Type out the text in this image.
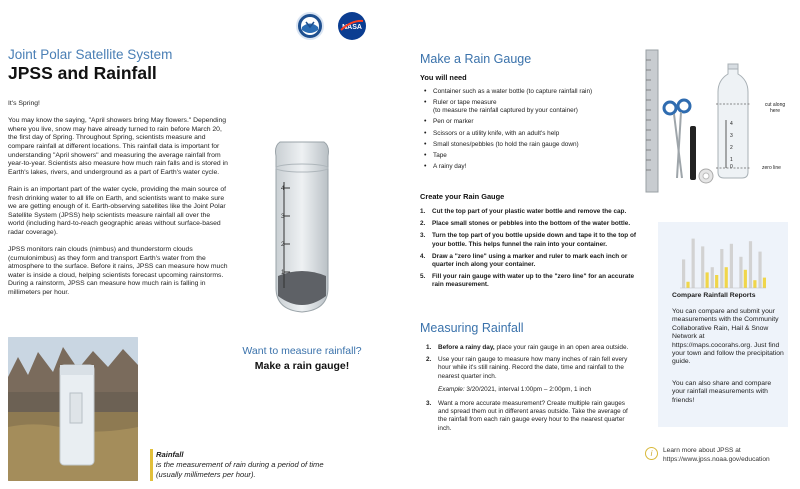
NASA
Joint Polar Satellite System
JPSS and Rainfall

It's Spring!

You may know the saying, "April showers bring May flowers." Depending where you live, snow may have already turned to rain before March 20, the first day of Spring. Throughout Spring, scientists measure and compare rainfall at different locations. This rainfall data is important for understanding "April showers" and measuring the average rainfall from year-to-year. Scientists also measure how much rain falls and is stored in Earth's lakes, rivers, and underground as a part of Earth's water cycle.

Rain is an important part of the water cycle, providing the main source of fresh drinking water to all life on Earth, and scientists want to make sure we are getting enough of it. Earth-observing satellites like the Joint Polar Satellite System (JPSS) help scientists measure rainfall all over the world (including hard-to-reach geographic areas without surface-based radar coverage).

JPSS monitors rain clouds (nimbus) and thunderstorm clouds (cumulonimbus) as they form and transport Earth's water from the atmosphere to the surface. Before it rains, JPSS can measure how much water is inside a cloud, helping scientists forecast upcoming rainstorms. During a rainstorm, JPSS can measure how much rain is falling in millimeters per hour.

4
3
2
1
Want to measure rainfall?
Make a rain gauge!
Rainfall
is the measurement of rain during a period of time (usually millimeters per hour).
Make a Rain Gauge
You will need
• Container such as a water bottle (to capture rainfall rain)
• Ruler or tape measure
(to measure the rainfall captured by your container)
• Pen or marker
• Scissors or a utility knife, with an adult's help
• Small stones/pebbles (to hold the rain gauge down)
• Tape
• A rainy day!
4
3
2
1
0
cut along here
zero line
Create your Rain Gauge
1. Cut the top part of your plastic water bottle and remove the cap.
2. Place small stones or pebbles into the bottom of the water bottle.
3. Turn the top part of you bottle upside down and tape it to the top of your bottle. This helps funnel the rain into your container.
4. Draw a "zero line" using a marker and ruler to mark each inch or quarter inch along your container.
5. Fill your rain gauge with water up to the "zero line" for an accurate rain measurement.
Measuring Rainfall
1. Before a rainy day, place your rain gauge in an open area outside.
2. Use your rain gauge to measure how many inches of rain fell every hour while it's still raining. Record the date, time and rainfall to the nearest quarter inch.
Example: 3/20/2021, interval 1:00pm – 2:00pm, 1 inch
3. Want a more accurate measurement? Create multiple rain gauges and spread them out in different areas outside. Take the average of the rainfall from each rain gauge every hour to the nearest quarter inch.
Compare Rainfall Reports
You can compare and submit your measurements with the Community Collaborative Rain, Hail & Snow Network at https://maps.cocorahs.org. Just find your town and follow the precipitation guide.
You can also share and compare your rainfall measurements with friends!
i	Learn more about JPSS at
https://www.jpss.noaa.gov/education
